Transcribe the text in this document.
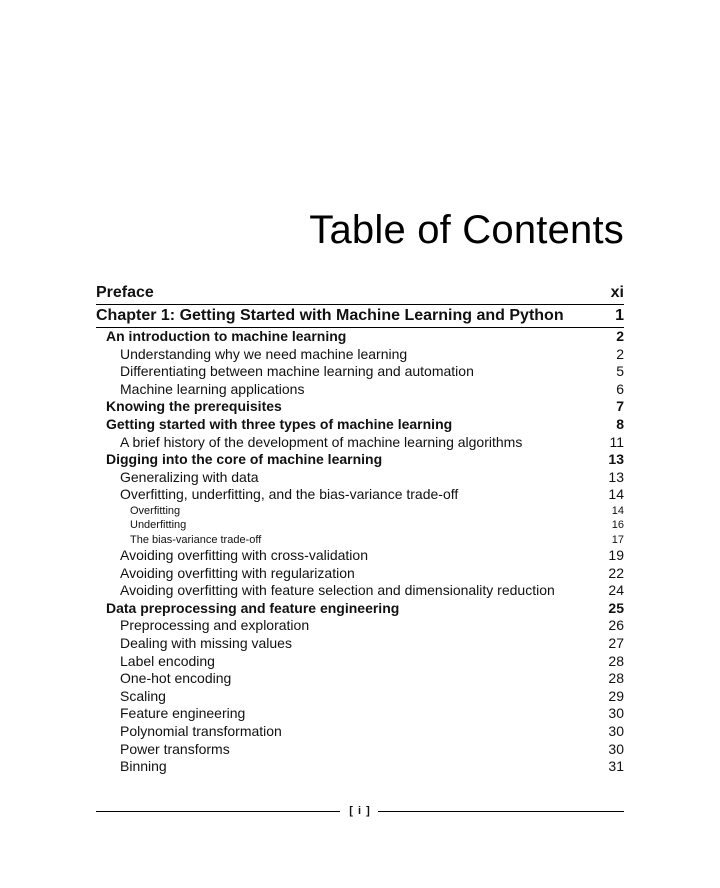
Table of Contents
Preface	xi
Chapter 1: Getting Started with Machine Learning and Python	1
An introduction to machine learning	2
Understanding why we need machine learning	2
Differentiating between machine learning and automation	5
Machine learning applications	6
Knowing the prerequisites	7
Getting started with three types of machine learning	8
A brief history of the development of machine learning algorithms	11
Digging into the core of machine learning	13
Generalizing with data	13
Overfitting, underfitting, and the bias-variance trade-off	14
Overfitting	14
Underfitting	16
The bias-variance trade-off	17
Avoiding overfitting with cross-validation	19
Avoiding overfitting with regularization	22
Avoiding overfitting with feature selection and dimensionality reduction	24
Data preprocessing and feature engineering	25
Preprocessing and exploration	26
Dealing with missing values	27
Label encoding	28
One-hot encoding	28
Scaling	29
Feature engineering	30
Polynomial transformation	30
Power transforms	30
Binning	31
[ i ]
